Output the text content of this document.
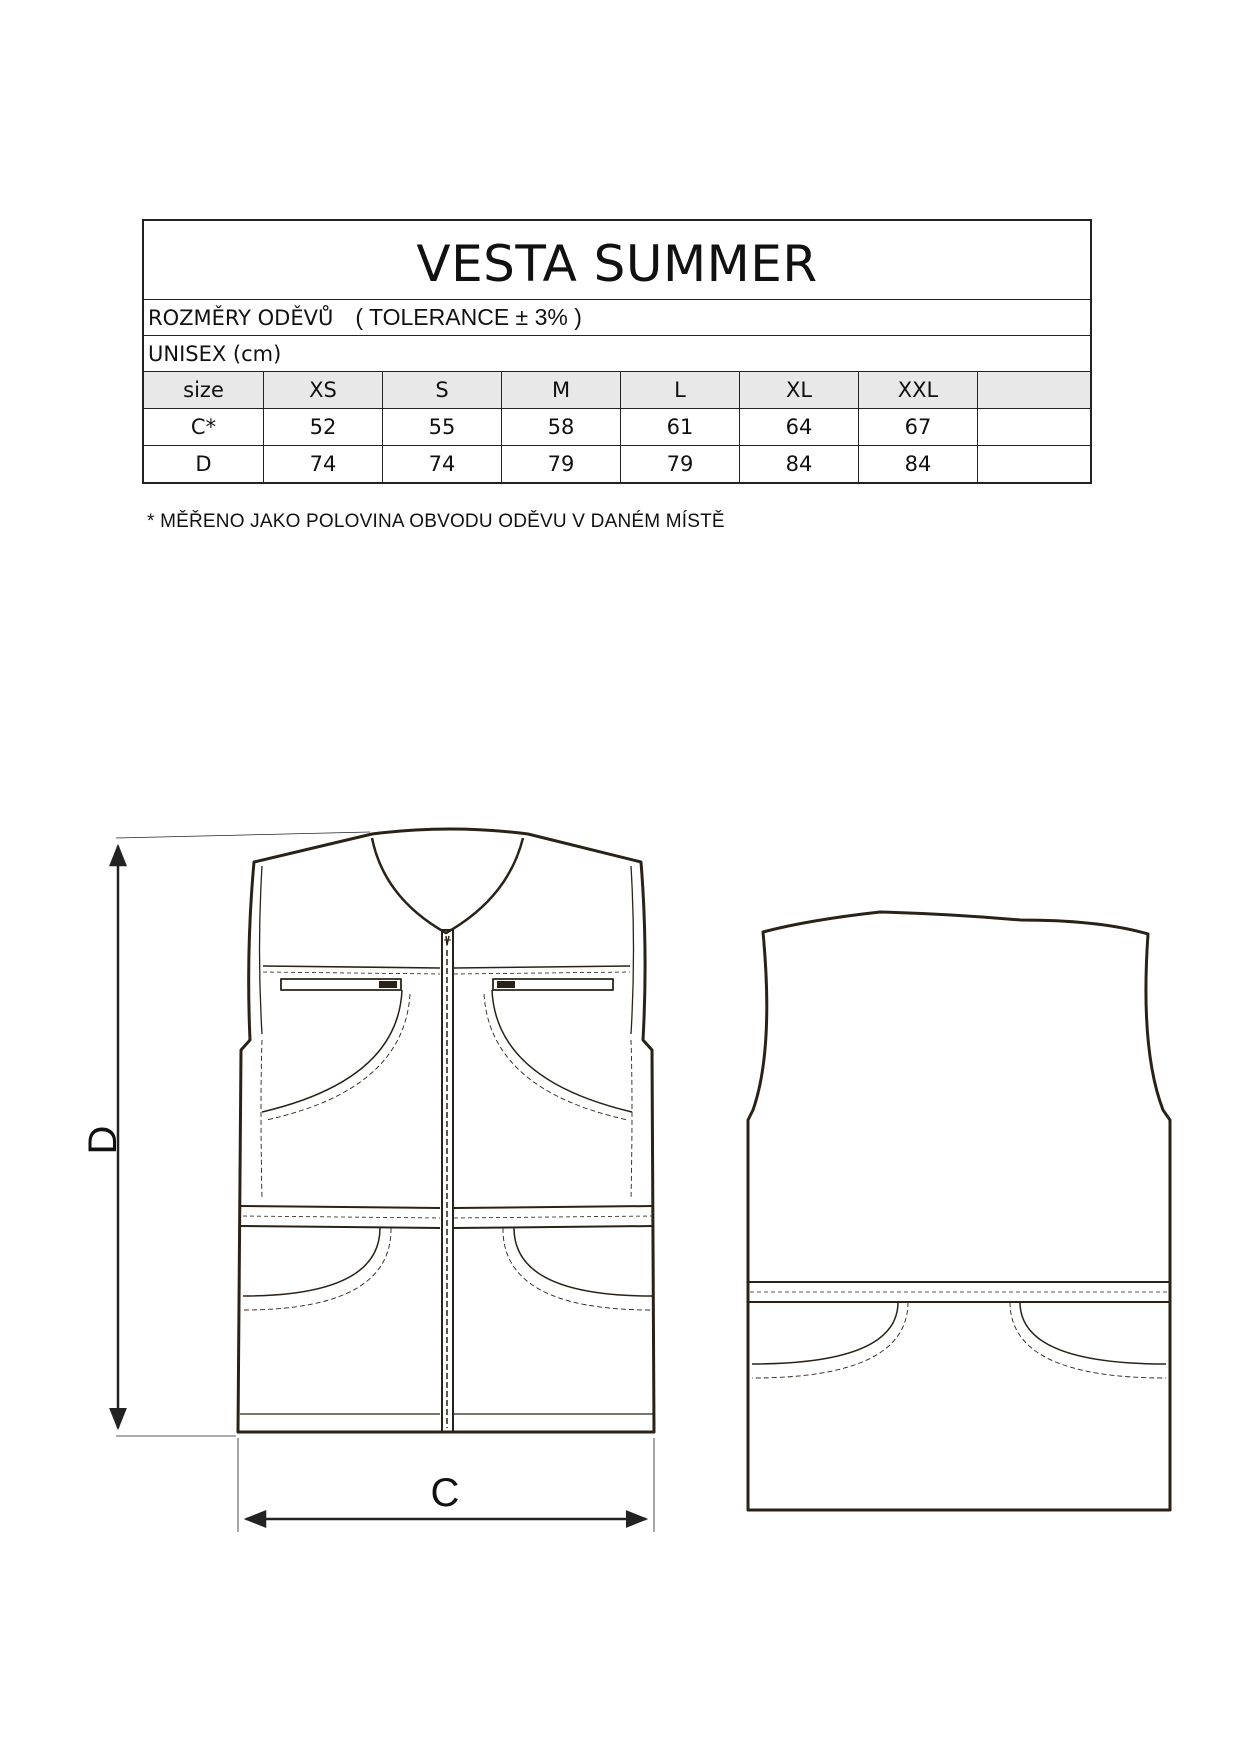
VESTA SUMMER
ROZMĚRY ODĚVŮ ( TOLERANCE ± 3% )
UNISEX (cm)
size	XS	S	M	L	XL	XXL
C*	52	55	58	61	64	67
D	74	74	79	79	84	84
* MĚŘENO JAKO POLOVINA OBVODU ODĚVU V DANÉM MÍSTĚ
D
C
